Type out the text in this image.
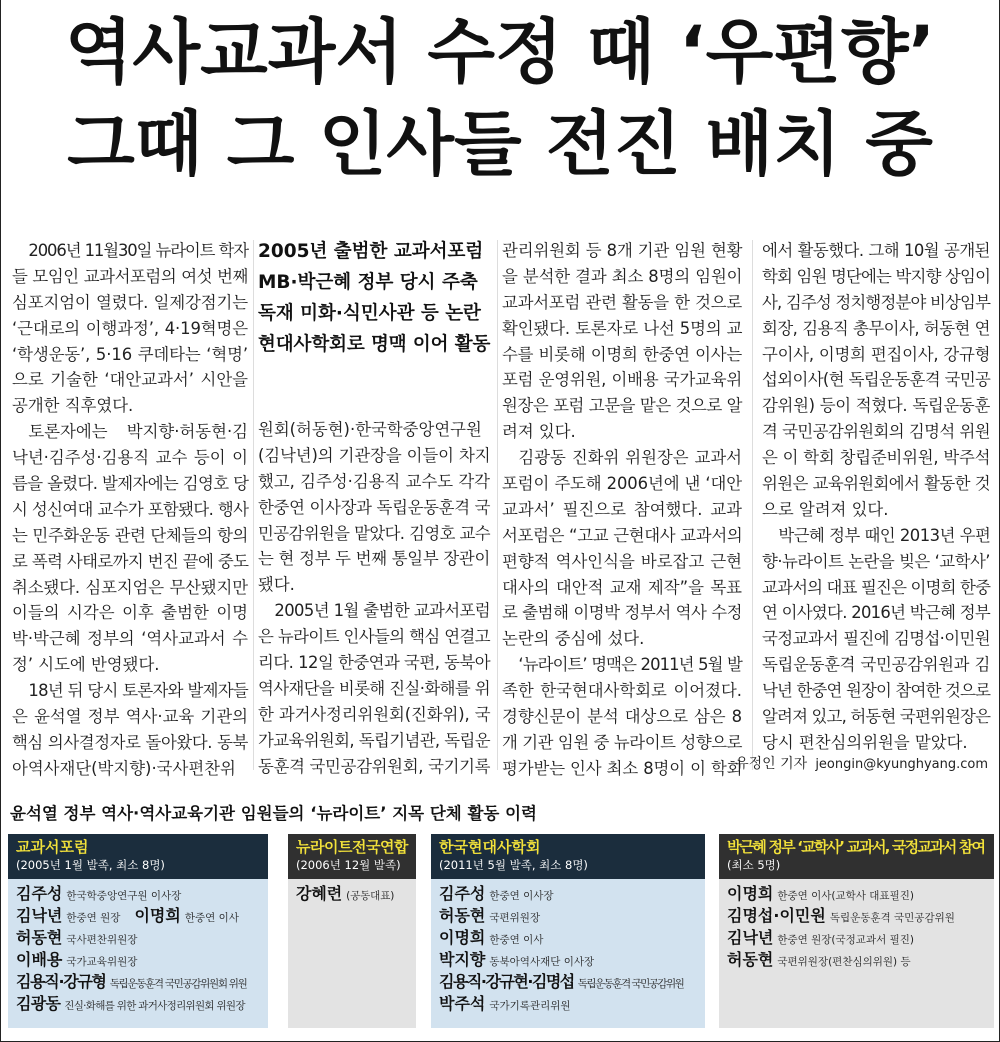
역사교과서 수정 때 ‘우편향’
그때 그 인사들 전진 배치 중
2005년 출범한 교과서포럼
MB·박근혜 정부 당시 주축
독재 미화·식민사관 등 논란
현대사학회로 명맥 이어 활동
2006년 11월30일 뉴라이트 학자
들 모임인 교과서포럼의 여섯 번째
심포지엄이 열렸다. 일제강점기는
‘근대로의 이행과정’, 4·19혁명은
‘학생운동’, 5·16 쿠데타는 ‘혁명’
으로 기술한 ‘대안교과서’ 시안을
공개한 직후였다.
토론자에는 박지향·허동현·김
낙년·김주성·김용직 교수 등이 이
름을 올렸다. 발제자에는 김영호 당
시 성신여대 교수가 포함됐다. 행사
는 민주화운동 관련 단체들의 항의
로 폭력 사태로까지 번진 끝에 중도
취소됐다. 심포지엄은 무산됐지만
이들의 시각은 이후 출범한 이명
박·박근혜 정부의 ‘역사교과서 수
정’ 시도에 반영됐다.
18년 뒤 당시 토론자와 발제자들
은 윤석열 정부 역사·교육 기관의
핵심 의사결정자로 돌아왔다. 동북
아역사재단(박지향)·국사편찬위
원회(허동현)·한국학중앙연구원
(김낙년)의 기관장을 이들이 차지
했고, 김주성·김용직 교수도 각각
한중연 이사장과 독립운동훈격 국
민공감위원을 맡았다. 김영호 교수
는 현 정부 두 번째 통일부 장관이
됐다.
2005년 1월 출범한 교과서포럼
은 뉴라이트 인사들의 핵심 연결고
리다. 12일 한중연과 국편, 동북아
역사재단을 비롯해 진실·화해를 위
한 과거사정리위원회(진화위), 국
가교육위원회, 독립기념관, 독립운
동훈격 국민공감위원회, 국기기록
관리위원회 등 8개 기관 임원 현황
을 분석한 결과 최소 8명의 임원이
교과서포럼 관련 활동을 한 것으로
확인됐다. 토론자로 나선 5명의 교
수를 비롯해 이명희 한중연 이사는
포럼 운영위원, 이배용 국가교육위
원장은 포럼 고문을 맡은 것으로 알
려져 있다.
김광동 진화위 위원장은 교과서
포럼이 주도해 2006년에 낸 ‘대안
교과서’ 필진으로 참여했다. 교과
서포럼은 “고교 근현대사 교과서의
편향적 역사인식을 바로잡고 근현
대사의 대안적 교재 제작”을 목표
로 출범해 이명박 정부서 역사 수정
논란의 중심에 섰다.
‘뉴라이트’ 명맥은 2011년 5월 발
족한 한국현대사학회로 이어졌다.
경향신문이 분석 대상으로 삼은 8
개 기관 임원 중 뉴라이트 성향으로
평가받는 인사 최소 8명이 이 학회
에서 활동했다. 그해 10월 공개된
학회 임원 명단에는 박지향 상임이
사, 김주성 정치행정분야 비상임부
회장, 김용직 총무이사, 허동현 연
구이사, 이명희 편집이사, 강규형
섭외이사(현 독립운동훈격 국민공
감위원) 등이 적혔다. 독립운동훈
격 국민공감위원회의 김명석 위원
은 이 학회 창립준비위원, 박주석
위원은 교육위원회에서 활동한 것
으로 알려져 있다.
박근혜 정부 때인 2013년 우편
향·뉴라이트 논란을 빚은 ‘교학사’
교과서의 대표 필진은 이명희 한중
연 이사였다. 2016년 박근혜 정부
국정교과서 필진에 김명섭·이민원
독립운동훈격 국민공감위원과 김
낙년 한중연 원장이 참여한 것으로
알려져 있고, 허동현 국편위원장은
당시 편찬심의위원을 맡았다.
유정인 기자 jeongin@kyunghyang.com
윤석열 정부 역사·역사교육기관 임원들의 ‘뉴라이트’ 지목 단체 활동 이력
교과서포럼
(2005년 1월 발족, 최소 8명)
김주성 한국학중앙연구원 이사장
김낙년 한중연 원장 이명희 한중연 이사
허동현 국사편찬위원장
이배용 국가교육위원장
김용직·강규형 독립운동훈격 국민공감위원회 위원
김광동 진실·화해를 위한 과거사정리위원회 위원장
뉴라이트전국연합
(2006년 12월 발족)
강혜련 (공동대표)
한국현대사학회
(2011년 5월 발족, 최소 8명)
김주성 한중연 이사장
허동현 국편위원장
이명희 한중연 이사
박지향 동북아역사재단 이사장
김용직·강규현·김명섭 독립운동훈격 국민공감위원
박주석 국가기록관리위원
박근혜 정부 ‘교학사’ 교과서, 국정교과서 참여
(최소 5명)
이명희 한중연 이사(교학사 대표필진)
김명섭·이민원 독립운동훈격 국민공감위원
김낙년 한중연 원장(국정교과서 필진)
허동현 국편위원장(편찬심의위원) 등
